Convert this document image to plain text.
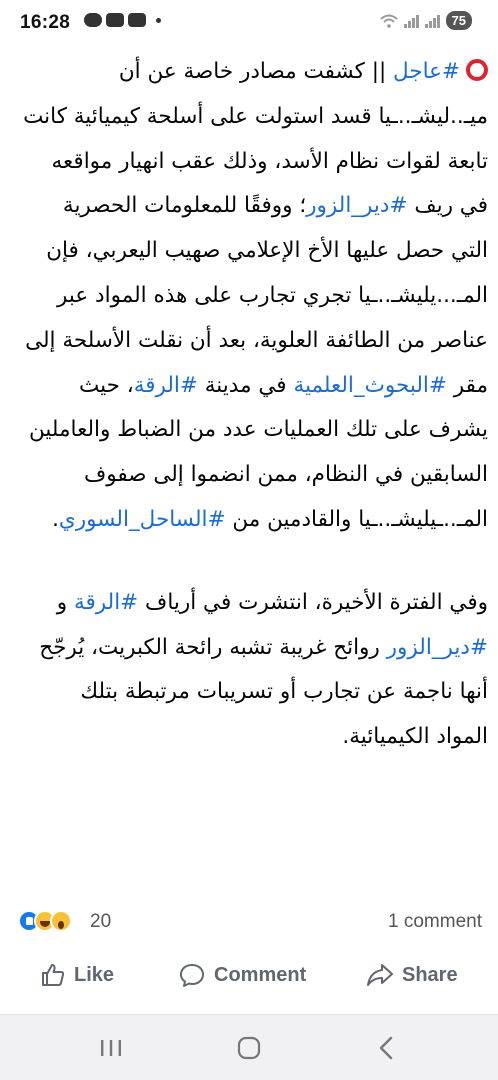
16:28	75

#عاجل || كشفت مصادر خاصة عن أن ميـ..ليشـ..ـيا قسد استولت على أسلحة كيميائية كانت تابعة لقوات نظام الأسد، وذلك عقب انهيار مواقعه في ريف #دير_الزور؛ ووفقًا للمعلومات الحصرية التي حصل عليها الأخ الإعلامي صهيب اليعربي، فإن المـ...يليشـ..ـيا تجري تجارب على هذه المواد عبر عناصر من الطائفة العلوية، بعد أن نقلت الأسلحة إلى مقر #البحوث_العلمية في مدينة #الرقة، حيث يشرف على تلك العمليات عدد من الضباط والعاملين السابقين في النظام، ممن انضموا إلى صفوف المـ..ـيليشـ..ـيا والقادمين من #الساحل_السوري.

وفي الفترة الأخيرة، انتشرت في أرياف #الرقة و #دير_الزور روائح غريبة تشبه رائحة الكبريت، يُرجّح أنها ناجمة عن تجارب أو تسريبات مرتبطة بتلك المواد الكيميائية.

20	1 comment
Like	Comment	Share
